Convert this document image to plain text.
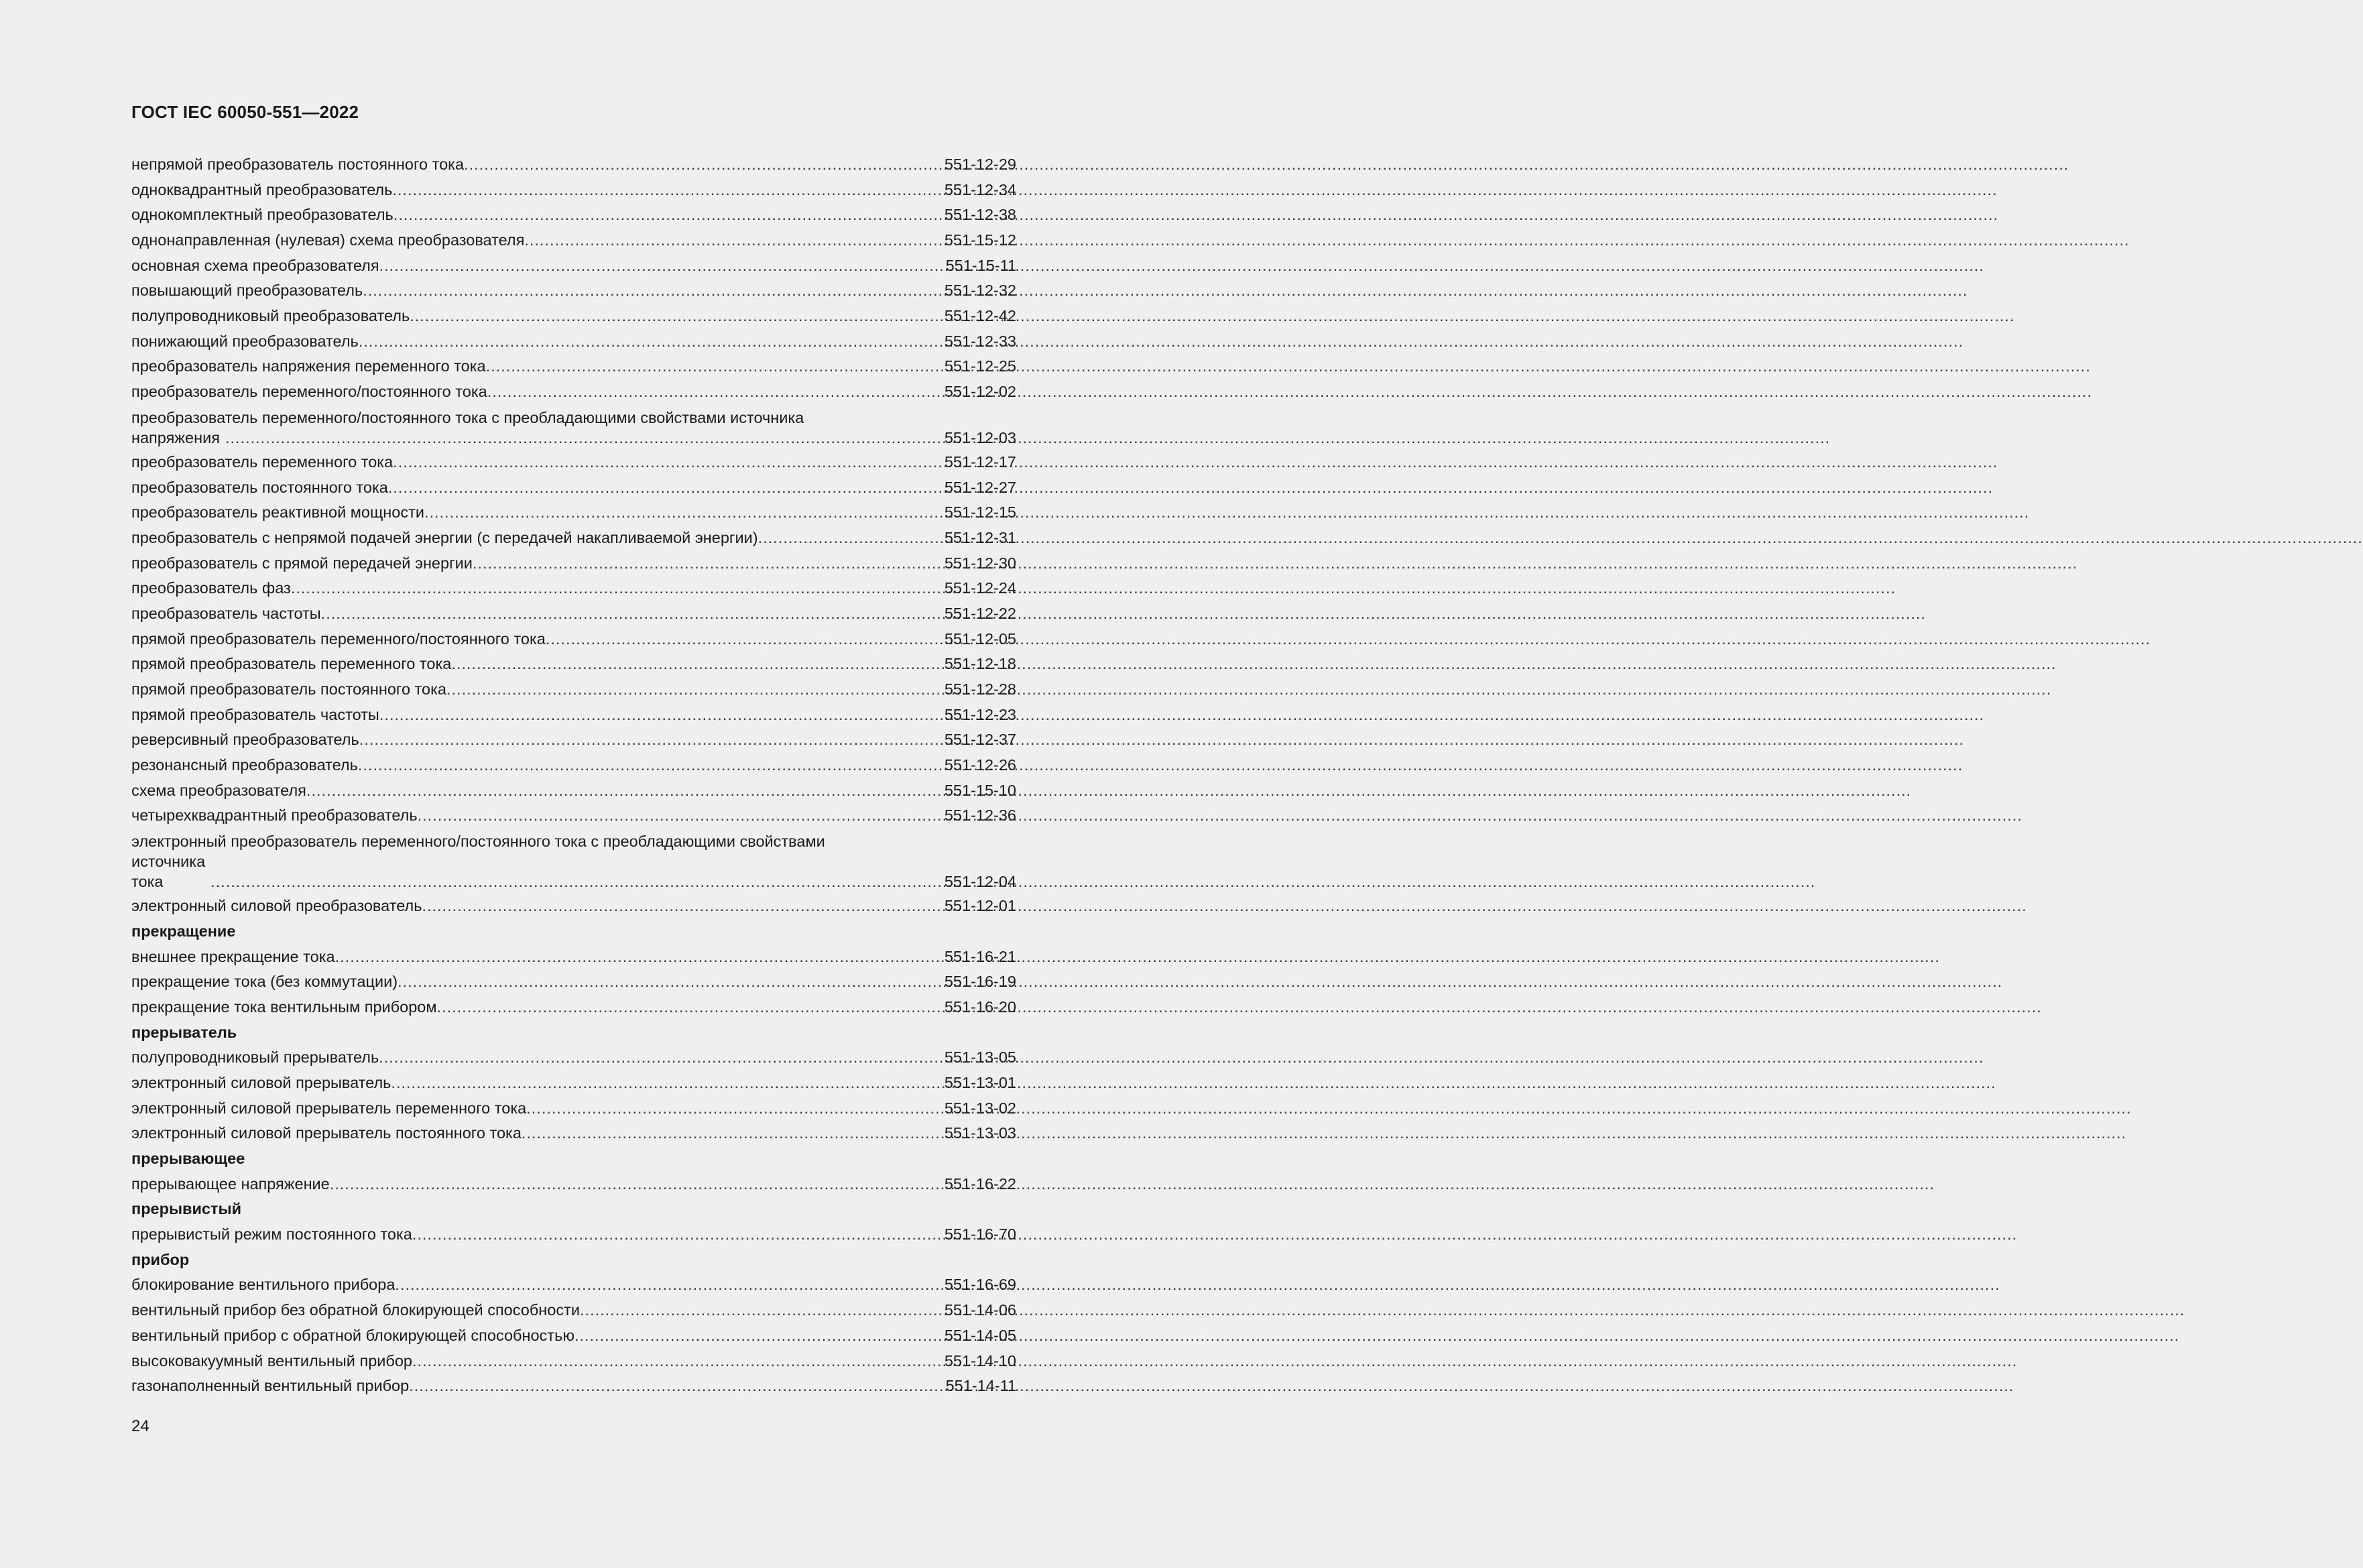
ГОСТ IEC 60050-551—2022
непрямой преобразователь постоянного тока .....	551-12-29
одноквадрантный преобразователь .....	551-12-34
однокомплектный преобразователь .....	551-12-38
однонаправленная (нулевая) схема преобразователя .....	551-15-12
основная схема преобразователя .....	551-15-11
повышающий преобразователь .....	551-12-32
полупроводниковый преобразователь .....	551-12-42
понижающий преобразователь .....	551-12-33
преобразователь напряжения переменного тока .....	551-12-25
преобразователь переменного/постоянного тока .....	551-12-02
преобразователь переменного/постоянного тока с преобладающими свойствами источника
напряжения .....	551-12-03
преобразователь переменного тока .....	551-12-17
преобразователь постоянного тока .....	551-12-27
преобразователь реактивной мощности .....	551-12-15
преобразователь с непрямой подачей энергии (с передачей накапливаемой энергии) .....	551-12-31
преобразователь с прямой передачей энергии .....	551-12-30
преобразователь фаз .....	551-12-24
преобразователь частоты .....	551-12-22
прямой преобразователь переменного/постоянного тока .....	551-12-05
прямой преобразователь переменного тока .....	551-12-18
прямой преобразователь постоянного тока .....	551-12-28
прямой преобразователь частоты .....	551-12-23
реверсивный преобразователь .....	551-12-37
резонансный преобразователь .....	551-12-26
схема преобразователя .....	551-15-10
четырехквадрантный преобразователь .....	551-12-36
электронный преобразователь переменного/постоянного тока с преобладающими свойствами
источника тока .....	551-12-04
электронный силовой преобразователь .....	551-12-01
прекращение
внешнее прекращение тока .....	551-16-21
прекращение тока (без коммутации) .....	551-16-19
прекращение тока вентильным прибором .....	551-16-20
прерыватель
полупроводниковый прерыватель .....	551-13-05
электронный силовой прерыватель .....	551-13-01
электронный силовой прерыватель переменного тока .....	551-13-02
электронный силовой прерыватель постоянного тока .....	551-13-03
прерывающее
прерывающее напряжение .....	551-16-22
прерывистый
прерывистый режим постоянного тока .....	551-16-70
прибор
блокирование вентильного прибора .....	551-16-69
вентильный прибор без обратной блокирующей способности .....	551-14-06
вентильный прибор с обратной блокирующей способностью .....	551-14-05
высоковакуумный вентильный прибор .....	551-14-10
газонаполненный вентильный прибор .....	551-14-11
24
